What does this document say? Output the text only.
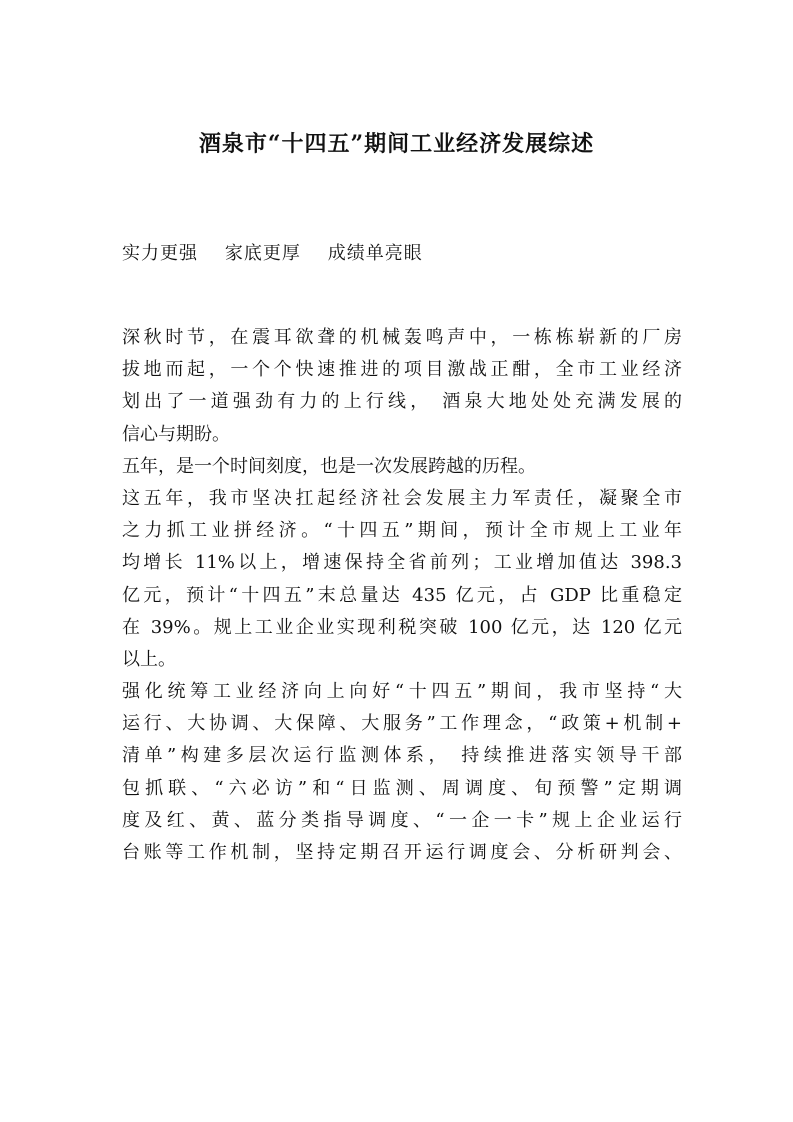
酒泉市“十四五”期间工业经济发展综述
实力更强    家底更厚    成绩单亮眼
深秋时节，在震耳欲聋的机械轰鸣声中，一栋栋崭新的厂房
拔地而起，一个个快速推进的项目激战正酣，全市工业经济
划出了一道强劲有力的上行线， 酒泉大地处处充满发展的
信心与期盼。
五年，是一个时间刻度，也是一次发展跨越的历程。
这五年，我市坚决扛起经济社会发展主力军责任，凝聚全市
之力抓工业拼经济。“十四五”期间，预计全市规上工业年
均增长 11%以上，增速保持全省前列；工业增加值达 398.3
亿元，预计“十四五”末总量达 435 亿元，占 GDP 比重稳定
在 39%。规上工业企业实现利税突破 100 亿元，达 120 亿元
以上。
强化统筹工业经济向上向好“十四五”期间，我市坚持“大
运行、大协调、大保障、大服务”工作理念，“政策+机制+
清单”构建多层次运行监测体系， 持续推进落实领导干部
包抓联、“六必访”和“日监测、周调度、旬预警”定期调
度及红、黄、蓝分类指导调度、“一企一卡”规上企业运行
台账等工作机制，坚持定期召开运行调度会、分析研判会、
